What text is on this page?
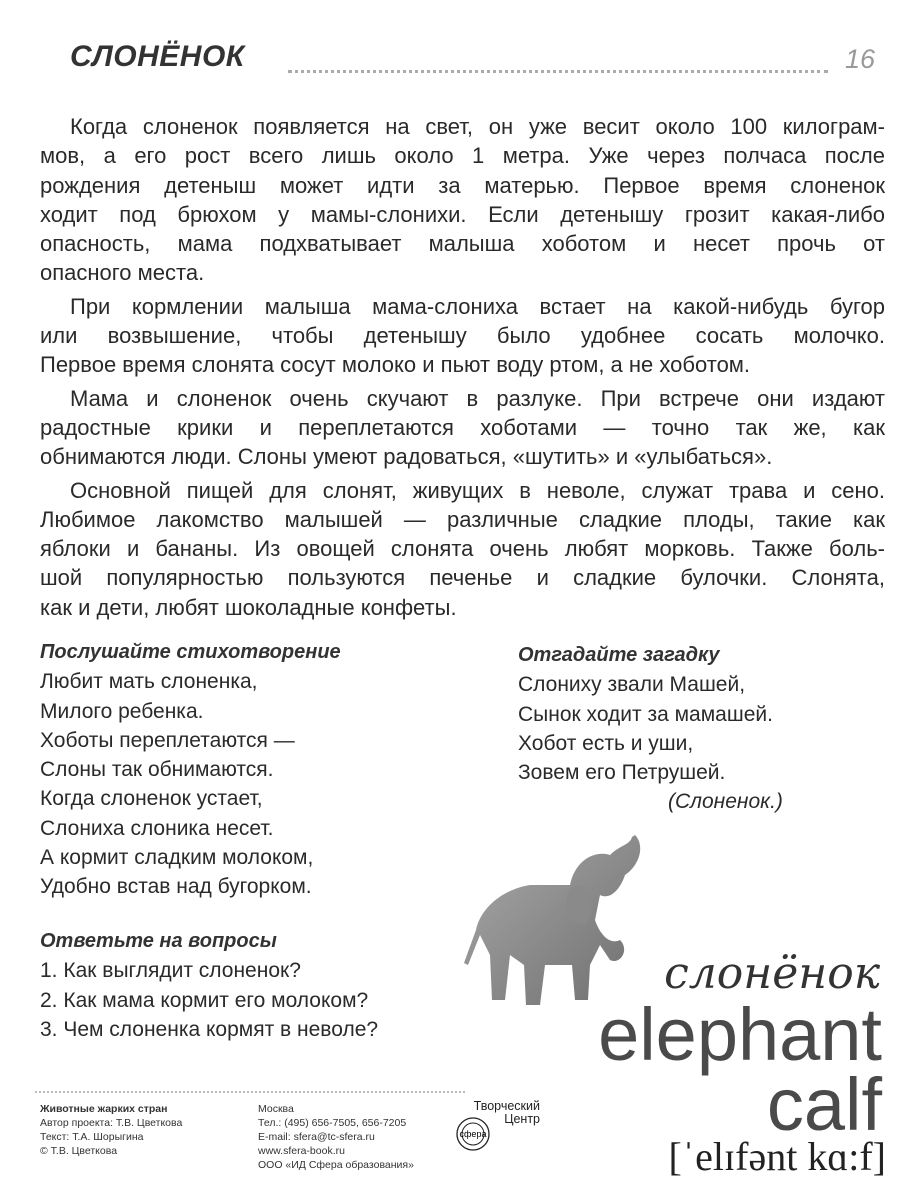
СЛОНЁНОК	16
Когда слоненок появляется на свет, он уже весит около 100 килограм-
мов, а его рост всего лишь около 1 метра. Уже через полчаса после
рождения детеныш может идти за матерью. Первое время слоненок
ходит под брюхом у мамы-слонихи. Если детенышу грозит какая-либо
опасность, мама подхватывает малыша хоботом и несет прочь от
опасного места.
При кормлении малыша мама-слониха встает на какой-нибудь бугор
или возвышение, чтобы детенышу было удобнее сосать молочко.
Первое время слонята сосут молоко и пьют воду ртом, а не хоботом.
Мама и слоненок очень скучают в разлуке. При встрече они издают
радостные крики и переплетаются хоботами — точно так же, как
обнимаются люди. Слоны умеют радоваться, «шутить» и «улыбаться».
Основной пищей для слонят, живущих в неволе, служат трава и сено.
Любимое лакомство малышей — различные сладкие плоды, такие как
яблоки и бананы. Из овощей слонята очень любят морковь. Также боль-
шой популярностью пользуются печенье и сладкие булочки. Слонята,
как и дети, любят шоколадные конфеты.
Послушайте стихотворение
Любит мать слоненка,
Милого ребенка.
Хоботы переплетаются —
Слоны так обнимаются.
Когда слоненок устает,
Слониха слоника несет.
А кормит сладким молоком,
Удобно встав над бугорком.
Отгадайте загадку
Слониху звали Машей,
Сынок ходит за мамашей.
Хобот есть и уши,
Зовем его Петрушей.
(Слоненок.)
Ответьте на вопросы
1. Как выглядит слоненок?
2. Как мама кормит его молоком?
3. Чем слоненка кормят в неволе?
слонёнок
elephant
calf
[ˈelɪfənt kɑ:f]
Животные жарких стран
Автор проекта: Т.В. Цветкова
Текст: Т.А. Шорыгина
© Т.В. Цветкова
Москва
Тел.: (495) 656-7505, 656-7205
E-mail: sfera@tc-sfera.ru
www.sfera-book.ru
ООО «ИД Сфера образования»
Творческий
Центр
сфера
